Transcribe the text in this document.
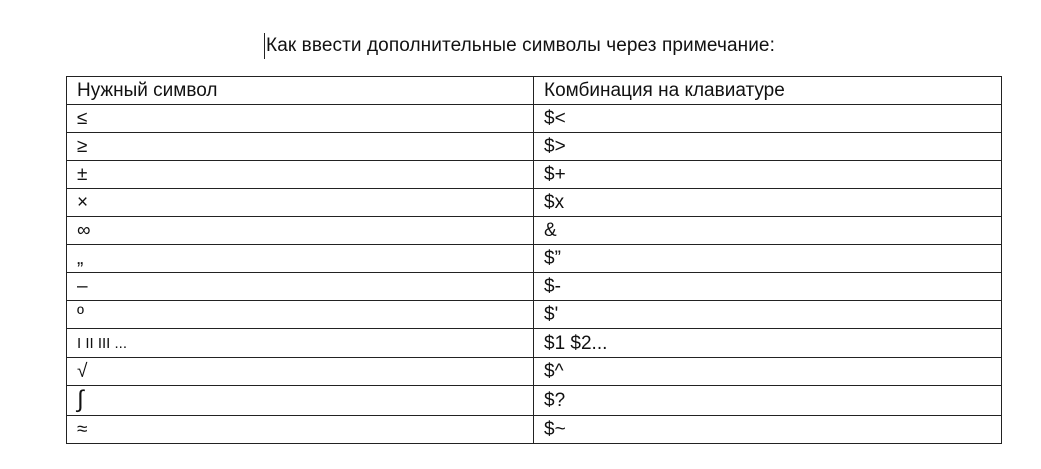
Как ввести дополнительные символы через примечание:
Нужный символ	Комбинация на клавиатуре
≤	$<
≥	$>
±	$+
×	$x
∞	&
„	$”
–	$-
º	$'
I II III ...	$1 $2...
√	$^
∫	$?
≈	$~
